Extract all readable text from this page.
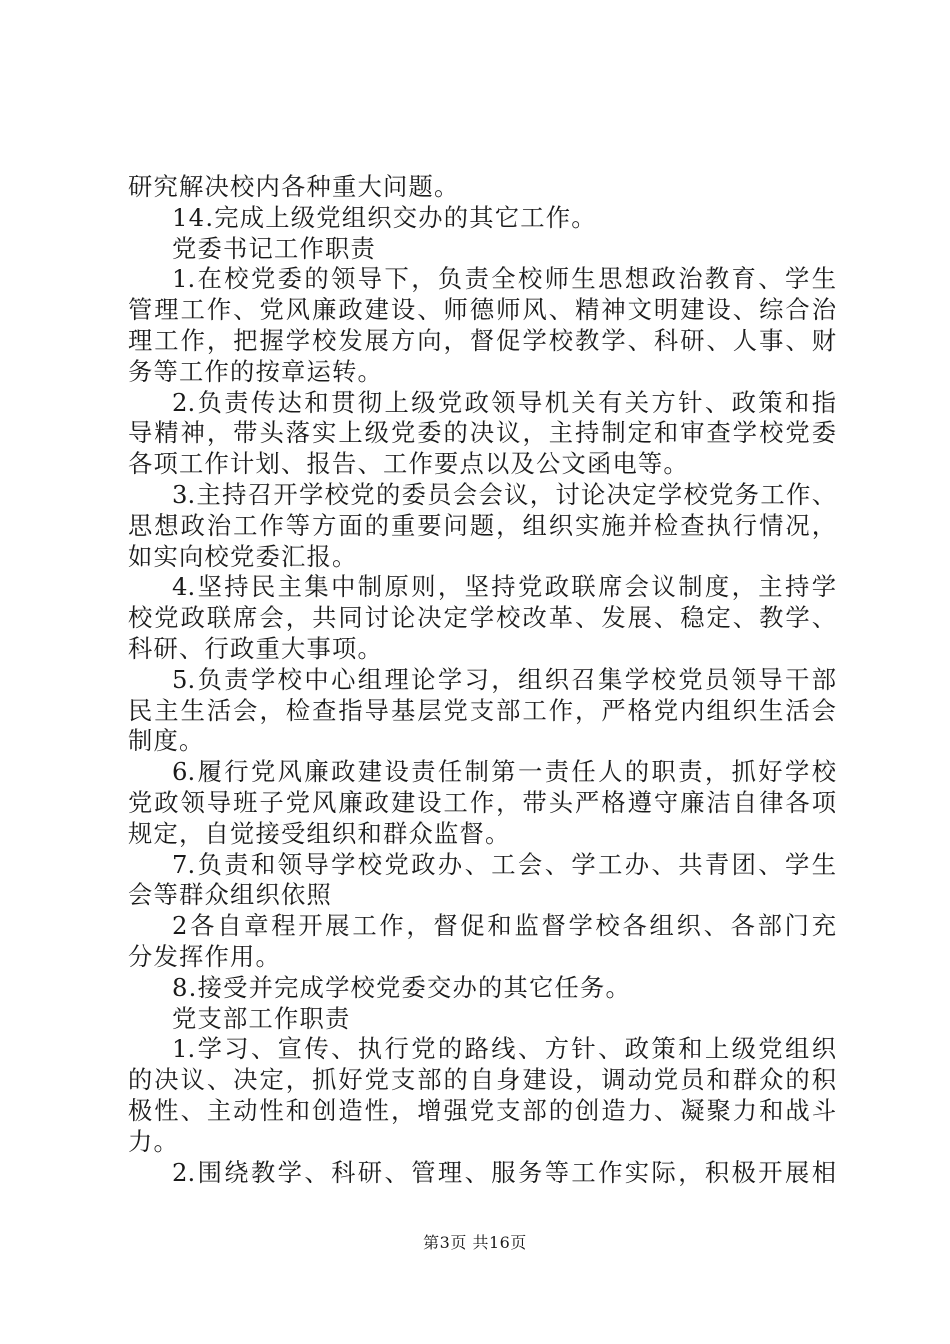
研究解决校内各种重大问题。
14.完成上级党组织交办的其它工作。
党委书记工作职责
1.在校党委的领导下，负责全校师生思想政治教育、学生
管理工作、党风廉政建设、师德师风、精神文明建设、综合治
理工作，把握学校发展方向，督促学校教学、科研、人事、财
务等工作的按章运转。
2.负责传达和贯彻上级党政领导机关有关方针、政策和指
导精神，带头落实上级党委的决议，主持制定和审查学校党委
各项工作计划、报告、工作要点以及公文函电等。
3.主持召开学校党的委员会会议，讨论决定学校党务工作、
思想政治工作等方面的重要问题，组织实施并检查执行情况，
如实向校党委汇报。
4.坚持民主集中制原则，坚持党政联席会议制度，主持学
校党政联席会，共同讨论决定学校改革、发展、稳定、教学、
科研、行政重大事项。
5.负责学校中心组理论学习，组织召集学校党员领导干部
民主生活会，检查指导基层党支部工作，严格党内组织生活会
制度。
6.履行党风廉政建设责任制第一责任人的职责，抓好学校
党政领导班子党风廉政建设工作，带头严格遵守廉洁自律各项
规定，自觉接受组织和群众监督。
7.负责和领导学校党政办、工会、学工办、共青团、学生
会等群众组织依照
2各自章程开展工作，督促和监督学校各组织、各部门充
分发挥作用。
8.接受并完成学校党委交办的其它任务。
党支部工作职责
1.学习、宣传、执行党的路线、方针、政策和上级党组织
的决议、决定，抓好党支部的自身建设，调动党员和群众的积
极性、主动性和创造性，增强党支部的创造力、凝聚力和战斗
力。
2.围绕教学、科研、管理、服务等工作实际，积极开展相
第3页 共16页
